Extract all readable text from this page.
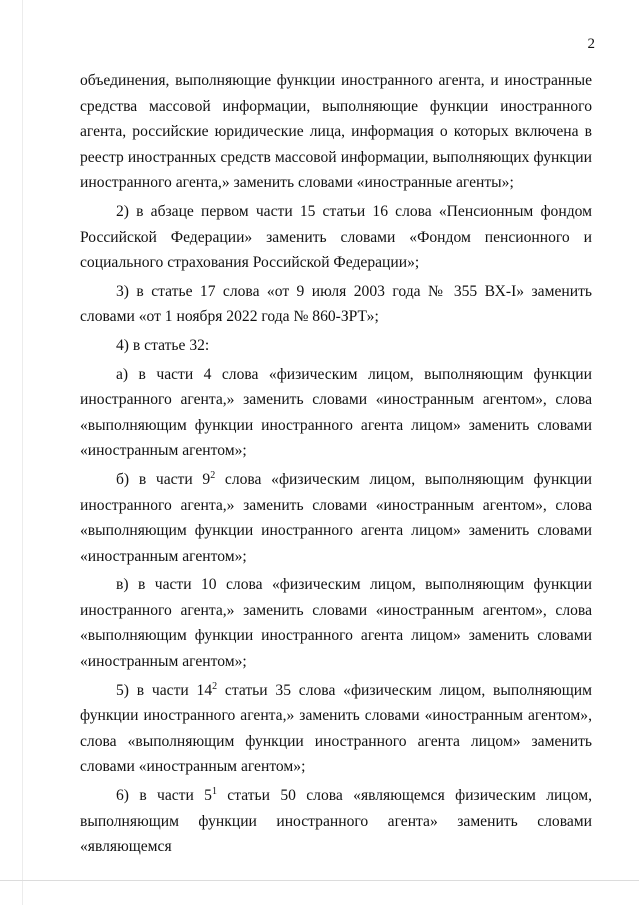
2

объединения, выполняющие функции иностранного агента, и иностранные средства массовой информации, выполняющие функции иностранного агента, российские юридические лица, информация о которых включена в реестр иностранных средств массовой информации, выполняющих функции иностранного агента,» заменить словами «иностранные агенты»;

2) в абзаце первом части 15 статьи 16 слова «Пенсионным фондом Российской Федерации» заменить словами «Фондом пенсионного и социального страхования Российской Федерации»;

3) в статье 17 слова «от 9 июля 2003 года № 355 ВХ-I» заменить словами «от 1 ноября 2022 года № 860-ЗРТ»;

4) в статье 32:

а) в части 4 слова «физическим лицом, выполняющим функции иностранного агента,» заменить словами «иностранным агентом», слова «выполняющим функции иностранного агента лицом» заменить словами «иностранным агентом»;

б) в части $9^2$ слова «физическим лицом, выполняющим функции иностранного агента,» заменить словами «иностранным агентом», слова «выполняющим функции иностранного агента лицом» заменить словами «иностранным агентом»;

в) в части 10 слова «физическим лицом, выполняющим функции иностранного агента,» заменить словами «иностранным агентом», слова «выполняющим функции иностранного агента лицом» заменить словами «иностранным агентом»;

5) в части $14^2$ статьи 35 слова «физическим лицом, выполняющим функции иностранного агента,» заменить словами «иностранным агентом», слова «выполняющим функции иностранного агента лицом» заменить словами «иностранным агентом»;

6) в части $5^1$ статьи 50 слова «являющемся физическим лицом, выполняющим функции иностранного агента» заменить словами «являющемся
